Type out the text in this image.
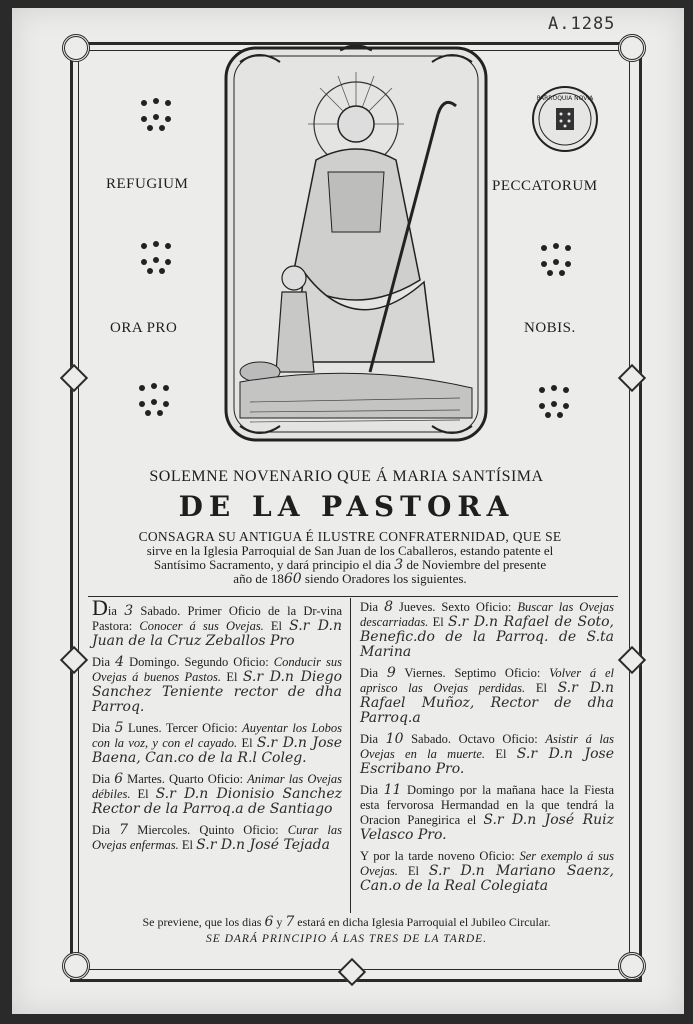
A.1285
REFUGIUM	PECCATORUM
ORA PRO	NOBIS.
PARROQUIA NOVIA
SOLEMNE NOVENARIO QUE Á MARIA SANTÍSIMA
DE LA PASTORA
CONSAGRA SU ANTIGUA É ILUSTRE CONFRATERNIDAD, QUE SE
sirve en la Iglesia Parroquial de San Juan de los Caballeros, estando patente el
Santísimo Sacramento, y dará principio el dia 3 de Noviembre del presente
año de 1860 siendo Oradores los siguientes.

Dia 3 Sabado. Primer Oficio de la Dr-vina Pastora: Conocer á sus Ovejas. El S.r D.n Juan de la Cruz Zeballos Pro

Dia 4 Domingo. Segundo Oficio: Conducir sus Ovejas á buenos Pastos. El S.r D.n Diego Sanchez Teniente rector de dha Parroq.

Dia 5 Lunes. Tercer Oficio: Auyentar los Lobos con la voz, y con el cayado. El S.r D.n Jose Baena, Can.co de la R.l Coleg.

Dia 6 Martes. Quarto Oficio: Animar las Ovejas débiles. El S.r D.n Dionisio Sanchez Rector de la Parroq.a de Santiago

Dia 7 Miercoles. Quinto Oficio: Curar las Ovejas enfermas. El S.r D.n José Tejada

Dia 8 Jueves. Sexto Oficio: Buscar las Ovejas descarriadas. El S.r D.n Rafael de Soto, Benefic.do de la Parroq. de S.ta Marina

Dia 9 Viernes. Septimo Oficio: Volver á el aprisco las Ovejas perdidas. El S.r D.n Rafael Muñoz, Rector de dha Parroq.a

Dia 10 Sabado. Octavo Oficio: Asistir á las Ovejas en la muerte. El S.r D.n Jose Escribano Pro.

Dia 11 Domingo por la mañana hace la Fiesta esta fervorosa Hermandad en la que tendrá la Oracion Panegirica el S.r D.n José Ruiz Velasco Pro.

Y por la tarde noveno Oficio: Ser exemplo á sus Ovejas. El S.r D.n Mariano Saenz, Can.o de la Real Colegiata

Se previene, que los dias 6 y 7 estará en dicha Iglesia Parroquial el Jubileo Circular.
SE DARÁ PRINCIPIO Á LAS TRES DE LA TARDE.
